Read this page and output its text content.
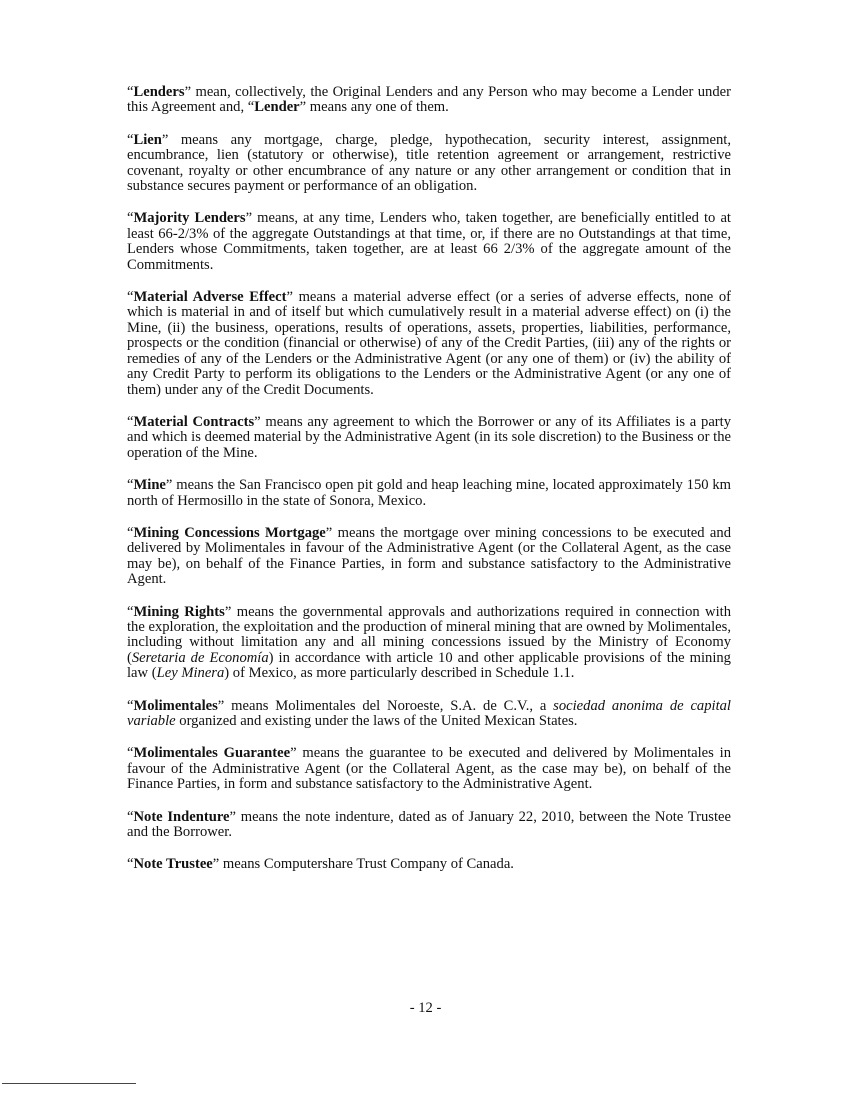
“Lenders” mean, collectively, the Original Lenders and any Person who may become a Lender under this Agreement and, “Lender” means any one of them.

“Lien” means any mortgage, charge, pledge, hypothecation, security interest, assignment, encumbrance, lien (statutory or otherwise), title retention agreement or arrangement, restrictive covenant, royalty or other encumbrance of any nature or any other arrangement or condition that in substance secures payment or performance of an obligation.

“Majority Lenders” means, at any time, Lenders who, taken together, are beneficially entitled to at least 66-2/3% of the aggregate Outstandings at that time, or, if there are no Outstandings at that time, Lenders whose Commitments, taken together, are at least 66 2/3% of the aggregate amount of the Commitments.

“Material Adverse Effect” means a material adverse effect (or a series of adverse effects, none of which is material in and of itself but which cumulatively result in a material adverse effect) on (i) the Mine, (ii) the business, operations, results of operations, assets, properties, liabilities, performance, prospects or the condition (financial or otherwise) of any of the Credit Parties, (iii) any of the rights or remedies of any of the Lenders or the Administrative Agent (or any one of them) or (iv) the ability of any Credit Party to perform its obligations to the Lenders or the Administrative Agent (or any one of them) under any of the Credit Documents.

“Material Contracts” means any agreement to which the Borrower or any of its Affiliates is a party and which is deemed material by the Administrative Agent (in its sole discretion) to the Business or the operation of the Mine.

“Mine” means the San Francisco open pit gold and heap leaching mine, located approximately 150 km north of Hermosillo in the state of Sonora, Mexico.

“Mining Concessions Mortgage” means the mortgage over mining concessions to be executed and delivered by Molimentales in favour of the Administrative Agent (or the Collateral Agent, as the case may be), on behalf of the Finance Parties, in form and substance satisfactory to the Administrative Agent.

“Mining Rights” means the governmental approvals and authorizations required in connection with the exploration, the exploitation and the production of mineral mining that are owned by Molimentales, including without limitation any and all mining concessions issued by the Ministry of Economy (Seretaria de Economía) in accordance with article 10 and other applicable provisions of the mining law (Ley Minera) of Mexico, as more particularly described in Schedule 1.1.

“Molimentales” means Molimentales del Noroeste, S.A. de C.V., a sociedad anonima de capital variable organized and existing under the laws of the United Mexican States.

“Molimentales Guarantee” means the guarantee to be executed and delivered by Molimentales in favour of the Administrative Agent (or the Collateral Agent, as the case may be), on behalf of the Finance Parties, in form and substance satisfactory to the Administrative Agent.

“Note Indenture” means the note indenture, dated as of January 22, 2010, between the Note Trustee and the Borrower.

“Note Trustee” means Computershare Trust Company of Canada.

- 12 -
